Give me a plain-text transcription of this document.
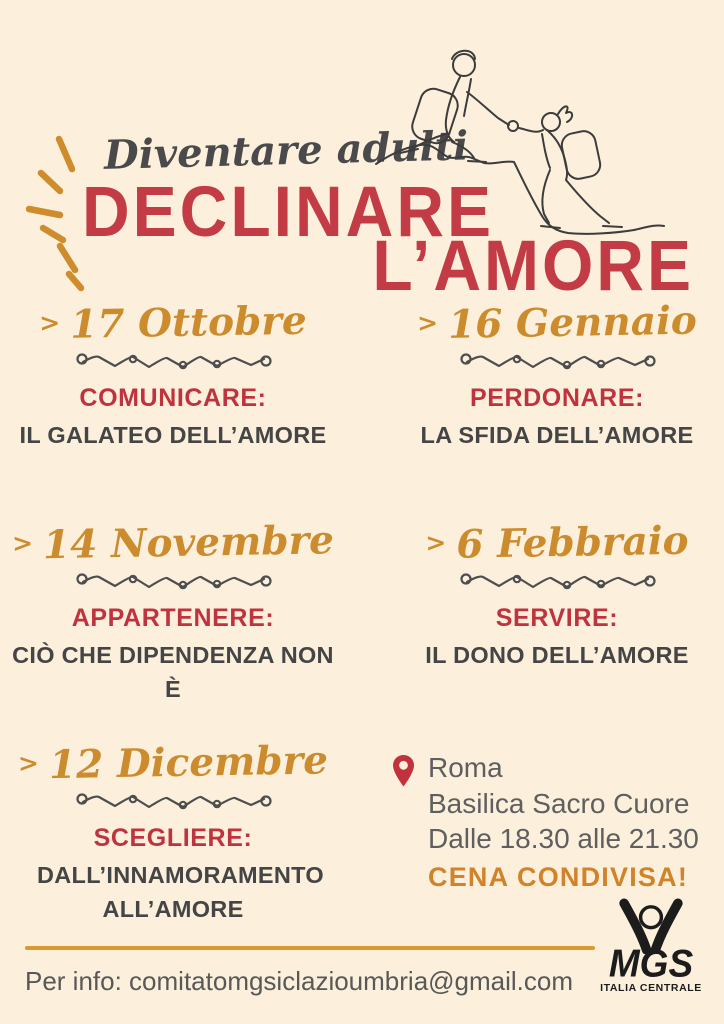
Diventare adulti
DECLINARE
L’AMORE
> 17 Ottobre
COMUNICARE:
IL GALATEO DELL’AMORE
> 16 Gennaio
PERDONARE:
LA SFIDA DELL’AMORE
> 14 Novembre
APPARTENERE:
CIÒ CHE DIPENDENZA NON È
> 6 Febbraio
SERVIRE:
IL DONO DELL’AMORE
> 12 Dicembre
SCEGLIERE:
DALL’INNAMORAMENTO ALL’AMORE
Roma
Basilica Sacro Cuore
Dalle 18.30 alle 21.30
CENA CONDIVISA!
Per info: comitatomgsiclazioumbria@gmail.com MGS
ITALIA CENTRALE
